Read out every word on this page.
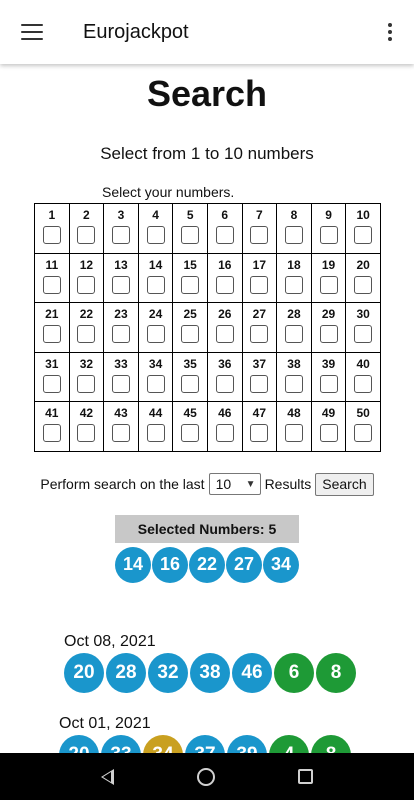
Eurojackpot
Search
Select from 1 to 10 numbers
Select your numbers.
1	2	3	4	5	6	7	8	9	10

11	12	13	14	15	16	17	18	19	20

21	22	23	24	25	26	27	28	29	30

31	32	33	34	35	36	37	38	39	40

41	42	43	44	45	46	47	48	49	50
Perform search on the last 10 ▼ Results Search
Selected Numbers: 5
14 16 22 27 34
Oct 08, 2021
20	28	32	38	46	6	8
Oct 01, 2021
